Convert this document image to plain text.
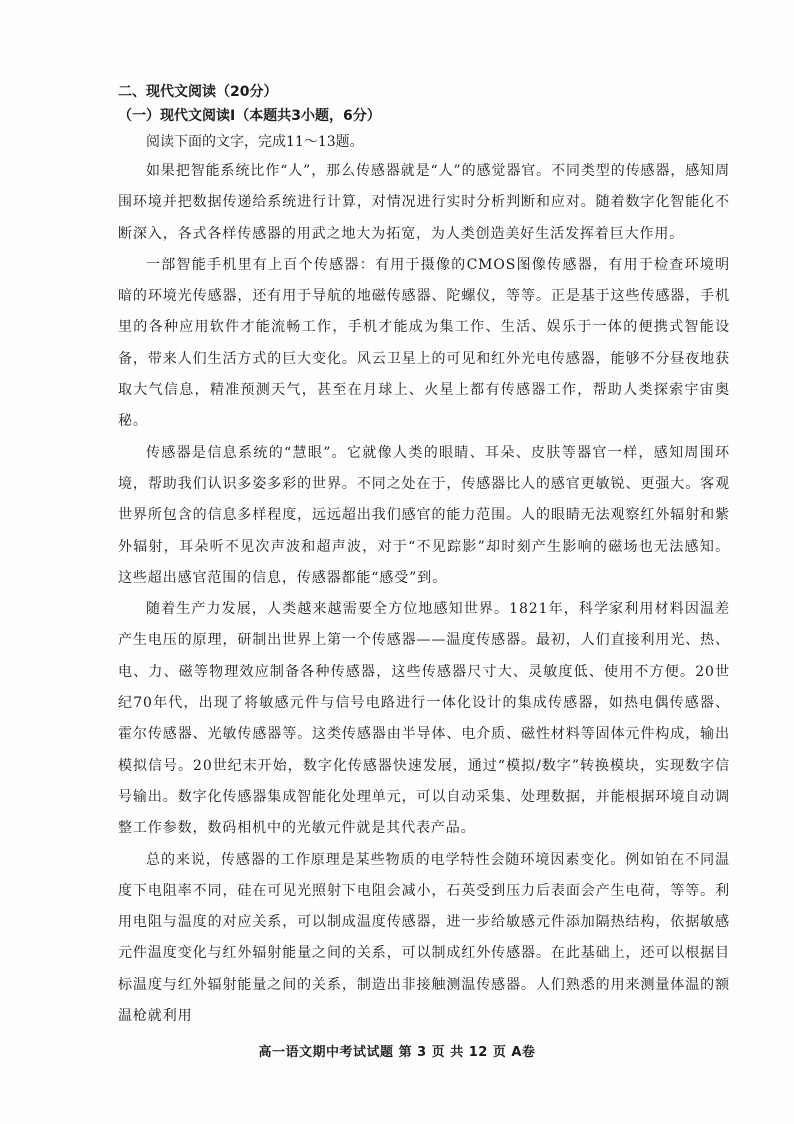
二、现代文阅读（20分）
（一）现代文阅读Ⅰ（本题共3小题，6分）

阅读下面的文字，完成11～13题。

如果把智能系统比作“人”，那么传感器就是“人”的感觉器官。不同类型的传感器，感知周围环境并把数据传递给系统进行计算，对情况进行实时分析判断和应对。随着数字化智能化不断深入，各式各样传感器的用武之地大为拓宽，为人类创造美好生活发挥着巨大作用。

一部智能手机里有上百个传感器：有用于摄像的CMOS图像传感器，有用于检查环境明暗的环境光传感器，还有用于导航的地磁传感器、陀螺仪，等等。正是基于这些传感器，手机里的各种应用软件才能流畅工作，手机才能成为集工作、生活、娱乐于一体的便携式智能设备，带来人们生活方式的巨大变化。风云卫星上的可见和红外光电传感器，能够不分昼夜地获取大气信息，精准预测天气，甚至在月球上、火星上都有传感器工作，帮助人类探索宇宙奥秘。

传感器是信息系统的“慧眼”。它就像人类的眼睛、耳朵、皮肤等器官一样，感知周围环境，帮助我们认识多姿多彩的世界。不同之处在于，传感器比人的感官更敏锐、更强大。客观世界所包含的信息多样程度，远远超出我们感官的能力范围。人的眼睛无法观察红外辐射和紫外辐射，耳朵听不见次声波和超声波，对于“不见踪影”却时刻产生影响的磁场也无法感知。这些超出感官范围的信息，传感器都能“感受”到。

随着生产力发展，人类越来越需要全方位地感知世界。1821年，科学家利用材料因温差产生电压的原理，研制出世界上第一个传感器——温度传感器。最初，人们直接利用光、热、电、力、磁等物理效应制备各种传感器，这些传感器尺寸大、灵敏度低、使用不方便。20世纪70年代，出现了将敏感元件与信号电路进行一体化设计的集成传感器，如热电偶传感器、霍尔传感器、光敏传感器等。这类传感器由半导体、电介质、磁性材料等固体元件构成，输出模拟信号。20世纪末开始，数字化传感器快速发展，通过“模拟/数字”转换模块，实现数字信号输出。数字化传感器集成智能化处理单元，可以自动采集、处理数据，并能根据环境自动调整工作参数，数码相机中的光敏元件就是其代表产品。

总的来说，传感器的工作原理是某些物质的电学特性会随环境因素变化。例如铂在不同温度下电阻率不同，硅在可见光照射下电阻会减小，石英受到压力后表面会产生电荷，等等。利用电阻与温度的对应关系，可以制成温度传感器，进一步给敏感元件添加隔热结构，依据敏感元件温度变化与红外辐射能量之间的关系，可以制成红外传感器。在此基础上，还可以根据目标温度与红外辐射能量之间的关系，制造出非接触测温传感器。人们熟悉的用来测量体温的额温枪就利用

高一语文期中考试试题 第 3 页 共 12 页 A卷
